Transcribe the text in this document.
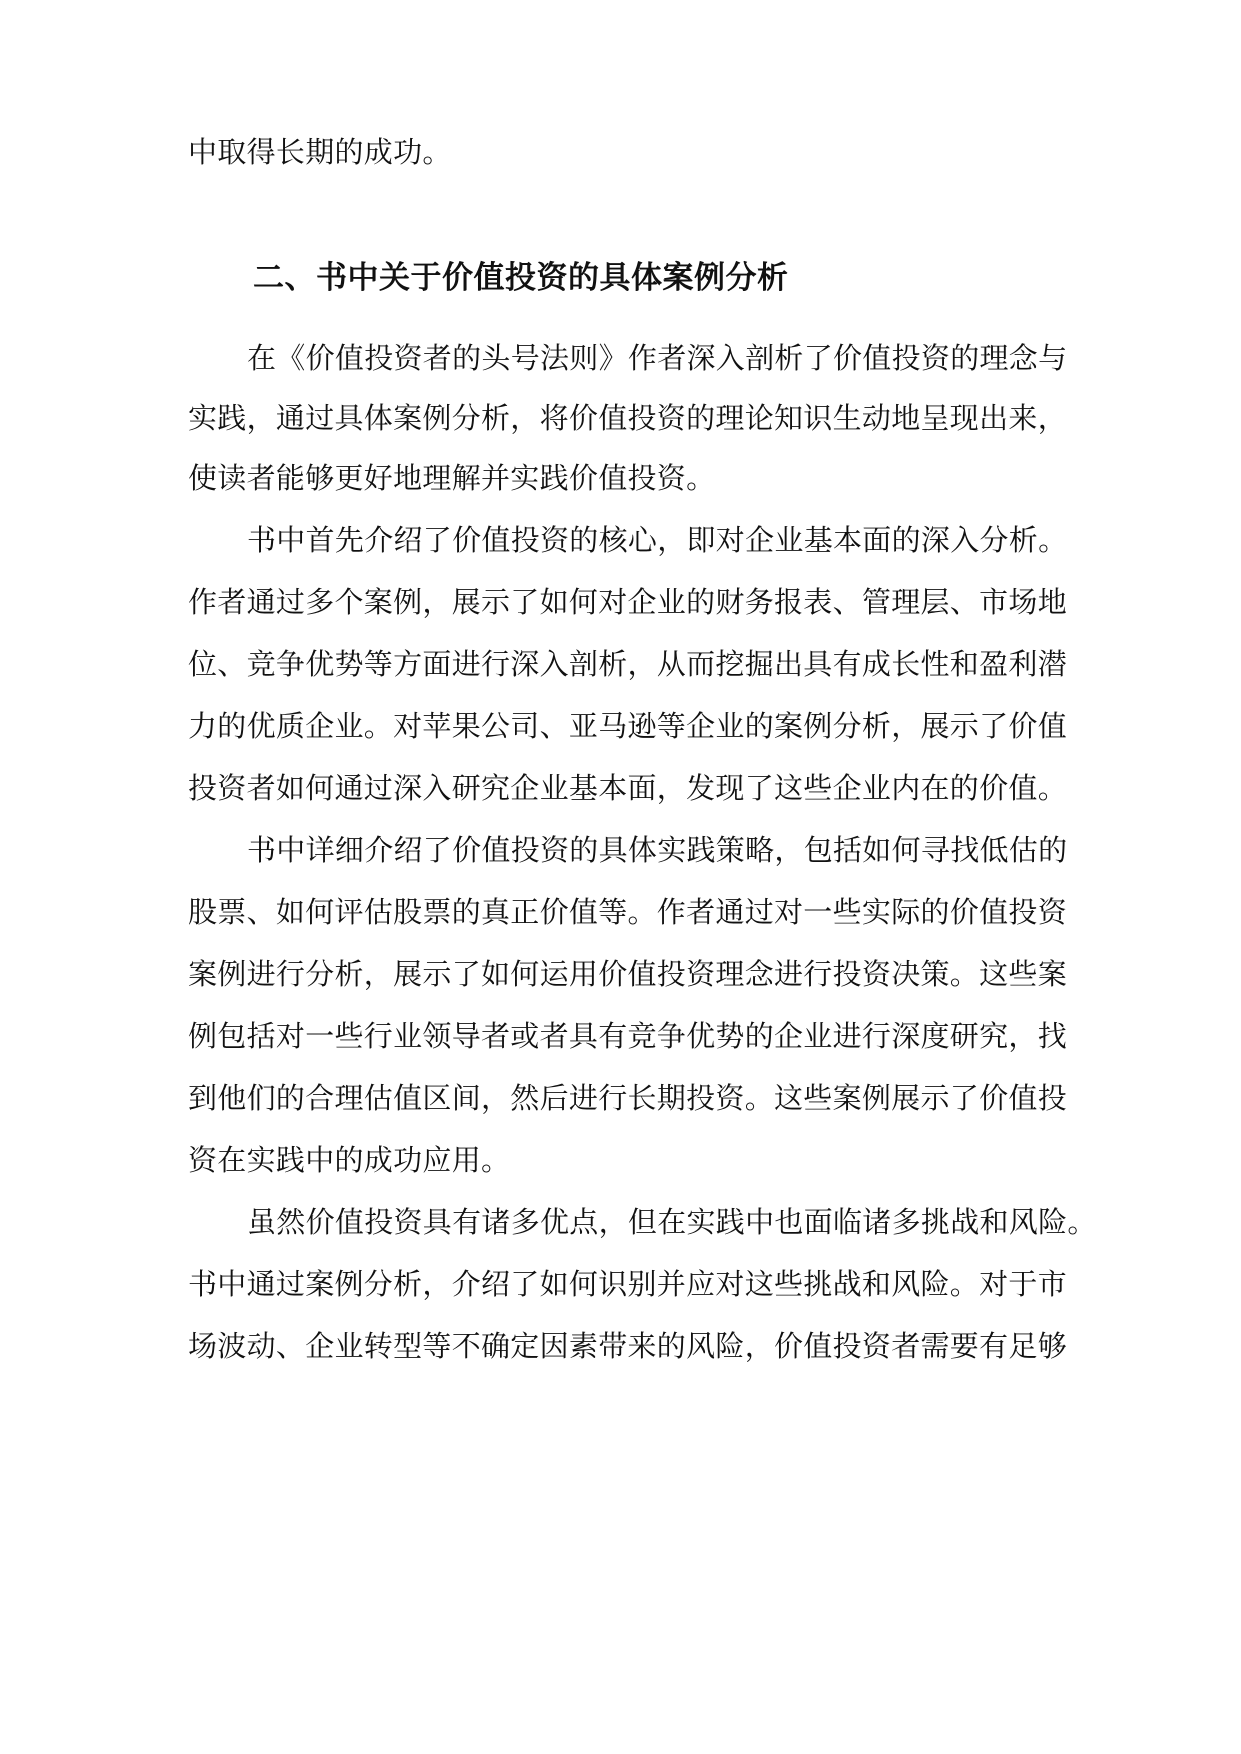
中取得长期的成功。
二、书中关于价值投资的具体案例分析
在《价值投资者的头号法则》作者深入剖析了价值投资的理念与
实践，通过具体案例分析，将价值投资的理论知识生动地呈现出来，
使读者能够更好地理解并实践价值投资。
书中首先介绍了价值投资的核心，即对企业基本面的深入分析。
作者通过多个案例，展示了如何对企业的财务报表、管理层、市场地
位、竞争优势等方面进行深入剖析，从而挖掘出具有成长性和盈利潜
力的优质企业。对苹果公司、亚马逊等企业的案例分析，展示了价值
投资者如何通过深入研究企业基本面，发现了这些企业内在的价值。
书中详细介绍了价值投资的具体实践策略，包括如何寻找低估的
股票、如何评估股票的真正价值等。作者通过对一些实际的价值投资
案例进行分析，展示了如何运用价值投资理念进行投资决策。这些案
例包括对一些行业领导者或者具有竞争优势的企业进行深度研究，找
到他们的合理估值区间，然后进行长期投资。这些案例展示了价值投
资在实践中的成功应用。
虽然价值投资具有诸多优点，但在实践中也面临诸多挑战和风险。
书中通过案例分析，介绍了如何识别并应对这些挑战和风险。对于市
场波动、企业转型等不确定因素带来的风险，价值投资者需要有足够
